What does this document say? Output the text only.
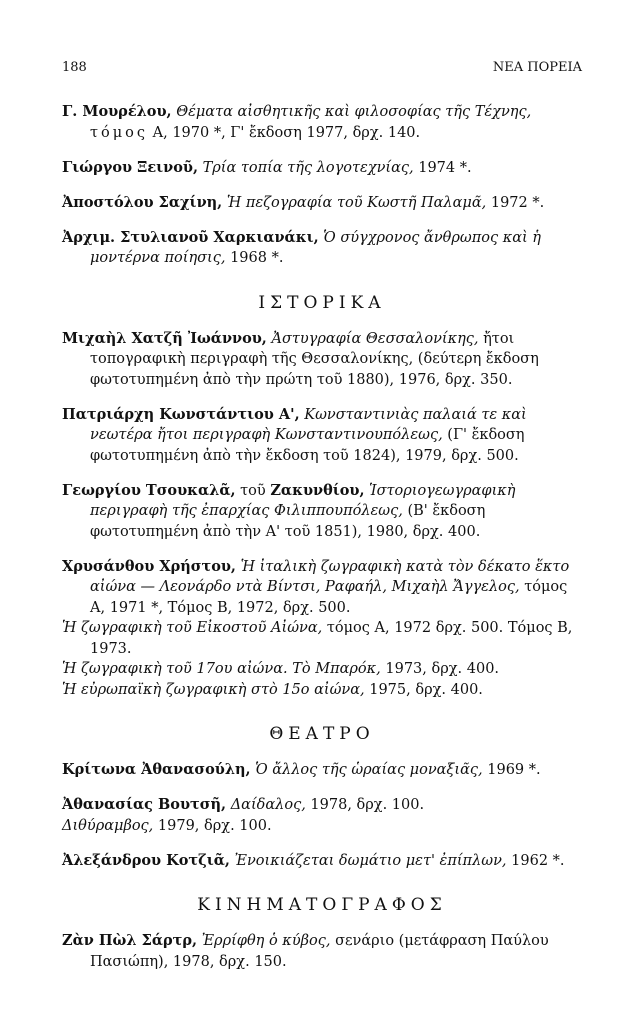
188	ΝΕΑ ΠΟΡΕΙΑ

Γ. Μουρέλου, Θέματα αἰσθητικῆς καὶ φιλοσοφίας τῆς Τέχνης, τόμος Α, 1970 *, Γ' ἔκδοση 1977, δρχ. 140.

Γιώργου Ξεινοῦ, Τρία τοπία τῆς λογοτεχνίας, 1974 *.

Ἀποστόλου Σαχίνη, Ἡ πεζογραφία τοῦ Κωστῆ Παλαμᾶ, 1972 *.

Ἀρχιμ. Στυλιανοῦ Χαρκιανάκι, Ὁ σύγχρονος ἄνθρωπος καὶ ἡ μοντέρνα ποίησις, 1968 *.

ΙΣΤΟΡΙΚΑ

Μιχαὴλ Χατζῆ Ἰωάννου, Ἀστυγραφία Θεσσαλονίκης, ἤτοι τοπογραφικὴ περιγραφὴ τῆς Θεσσαλονίκης, (δεύτερη ἔκδοση φωτοτυπημένη ἀπὸ τὴν πρώτη τοῦ 1880), 1976, δρχ. 350.

Πατριάρχη Κωνστάντιου Α', Κωνσταντινιὰς παλαιά τε καὶ νεωτέρα ἤτοι περιγραφὴ Κωνσταντινουπόλεως, (Γ' ἔκδοση φωτοτυπημένη ἀπὸ τὴν ἔκδοση τοῦ 1824), 1979, δρχ. 500.

Γεωργίου Τσουκαλᾶ, τοῦ Ζακυνθίου, Ἱστοριογεωγραφικὴ περιγραφὴ τῆς ἐπαρχίας Φιλιππουπόλεως, (Β' ἔκδοση φωτοτυπημένη ἀπὸ τὴν Α' τοῦ 1851), 1980, δρχ. 400.

Χρυσάνθου Χρήστου, Ἡ ἰταλικὴ ζωγραφικὴ κατὰ τὸν δέκατο ἕκτο αἰώνα — Λεονάρδο ντὰ Βίντσι, Ραφαήλ, Μιχαὴλ Ἄγγελος, τόμος Α, 1971 *, Τόμος Β, 1972, δρχ. 500.
Ἡ ζωγραφικὴ τοῦ Εἰκοστοῦ Αἰώνα, τόμος Α, 1972 δρχ. 500. Τόμος Β, 1973.
Ἡ ζωγραφικὴ τοῦ 17ου αἰώνα. Τὸ Μπαρόκ, 1973, δρχ. 400.
Ἡ εὐρωπαϊκὴ ζωγραφικὴ στὸ 15ο αἰώνα, 1975, δρχ. 400.

ΘΕΑΤΡΟ

Κρίτωνα Ἀθανασούλη, Ὁ ἄλλος τῆς ὡραίας μοναξιᾶς, 1969 *.

Ἀθανασίας Βουτσῆ, Δαίδαλος, 1978, δρχ. 100.
Διθύραμβος, 1979, δρχ. 100.

Ἀλεξάνδρου Κοτζιᾶ, Ἐνοικιάζεται δωμάτιο μετ' ἐπίπλων, 1962 *.

ΚΙΝΗΜΑΤΟΓΡΑΦΟΣ

Ζὰν Πὼλ Σάρτρ, Ἐρρίφθη ὁ κύβος, σενάριο (μετάφραση Παύλου Πασιώπη), 1978, δρχ. 150.
